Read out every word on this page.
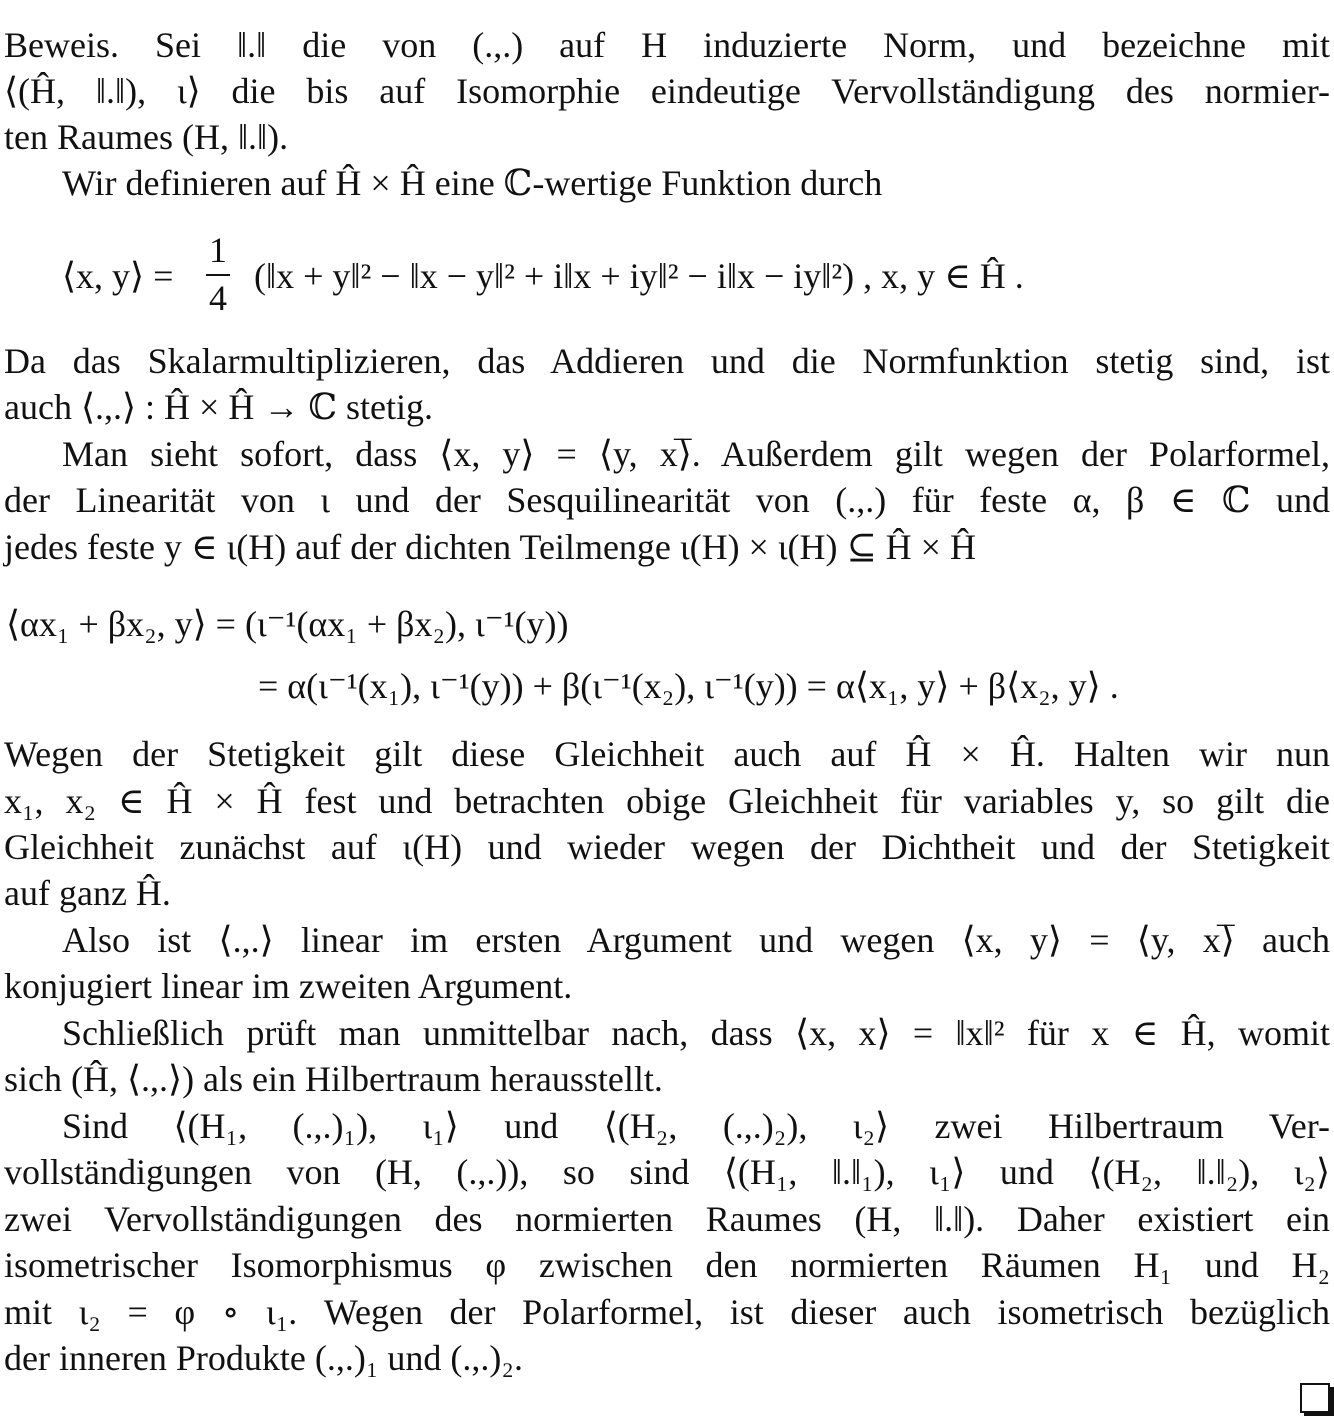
Beweis. Sei ‖.‖ die von (.,.) auf H induzierte Norm, und bezeichne mit
⟨(Ĥ, ‖.‖), ι⟩ die bis auf Isomorphie eindeutige Vervollständigung des normier-
ten Raumes (H, ‖.‖).
Wir definieren auf Ĥ × Ĥ eine ℂ-wertige Funktion durch
⟨x, y⟩ =
1
4
(‖x + y‖² − ‖x − y‖² + i‖x + iy‖² − i‖x − iy‖²) , x, y ∈ Ĥ .
Da das Skalarmultiplizieren, das Addieren und die Normfunktion stetig sind, ist
auch ⟨.,.⟩ : Ĥ × Ĥ → ℂ stetig.
Man sieht sofort, dass ⟨x, y⟩ = ⟨y, x⟩̅. Außerdem gilt wegen der Polarformel,
der Linearität von ι und der Sesquilinearität von (.,.) für feste α, β ∈ ℂ und
jedes feste y ∈ ι(H) auf der dichten Teilmenge ι(H) × ι(H) ⊆ Ĥ × Ĥ
⟨αx₁ + βx₂, y⟩ = (ι⁻¹(αx₁ + βx₂), ι⁻¹(y))
= α(ι⁻¹(x₁), ι⁻¹(y)) + β(ι⁻¹(x₂), ι⁻¹(y)) = α⟨x₁, y⟩ + β⟨x₂, y⟩ .
Wegen der Stetigkeit gilt diese Gleichheit auch auf Ĥ × Ĥ. Halten wir nun
x₁, x₂ ∈ Ĥ × Ĥ fest und betrachten obige Gleichheit für variables y, so gilt die
Gleichheit zunächst auf ι(H) und wieder wegen der Dichtheit und der Stetigkeit
auf ganz Ĥ.
Also ist ⟨.,.⟩ linear im ersten Argument und wegen ⟨x, y⟩ = ⟨y, x⟩̅ auch
konjugiert linear im zweiten Argument.
Schließlich prüft man unmittelbar nach, dass ⟨x, x⟩ = ‖x‖² für x ∈ Ĥ, womit
sich (Ĥ, ⟨.,.⟩) als ein Hilbertraum herausstellt.
Sind ⟨(H₁, (.,.)₁), ι₁⟩ und ⟨(H₂, (.,.)₂), ι₂⟩ zwei Hilbertraum Ver-
vollständigungen von (H, (.,.)), so sind ⟨(H₁, ‖.‖₁), ι₁⟩ und ⟨(H₂, ‖.‖₂), ι₂⟩
zwei Vervollständigungen des normierten Raumes (H, ‖.‖). Daher existiert ein
isometrischer Isomorphismus φ zwischen den normierten Räumen H₁ und H₂
mit ι₂ = φ ∘ ι₁. Wegen der Polarformel, ist dieser auch isometrisch bezüglich
der inneren Produkte (.,.)₁ und (.,.)₂.
